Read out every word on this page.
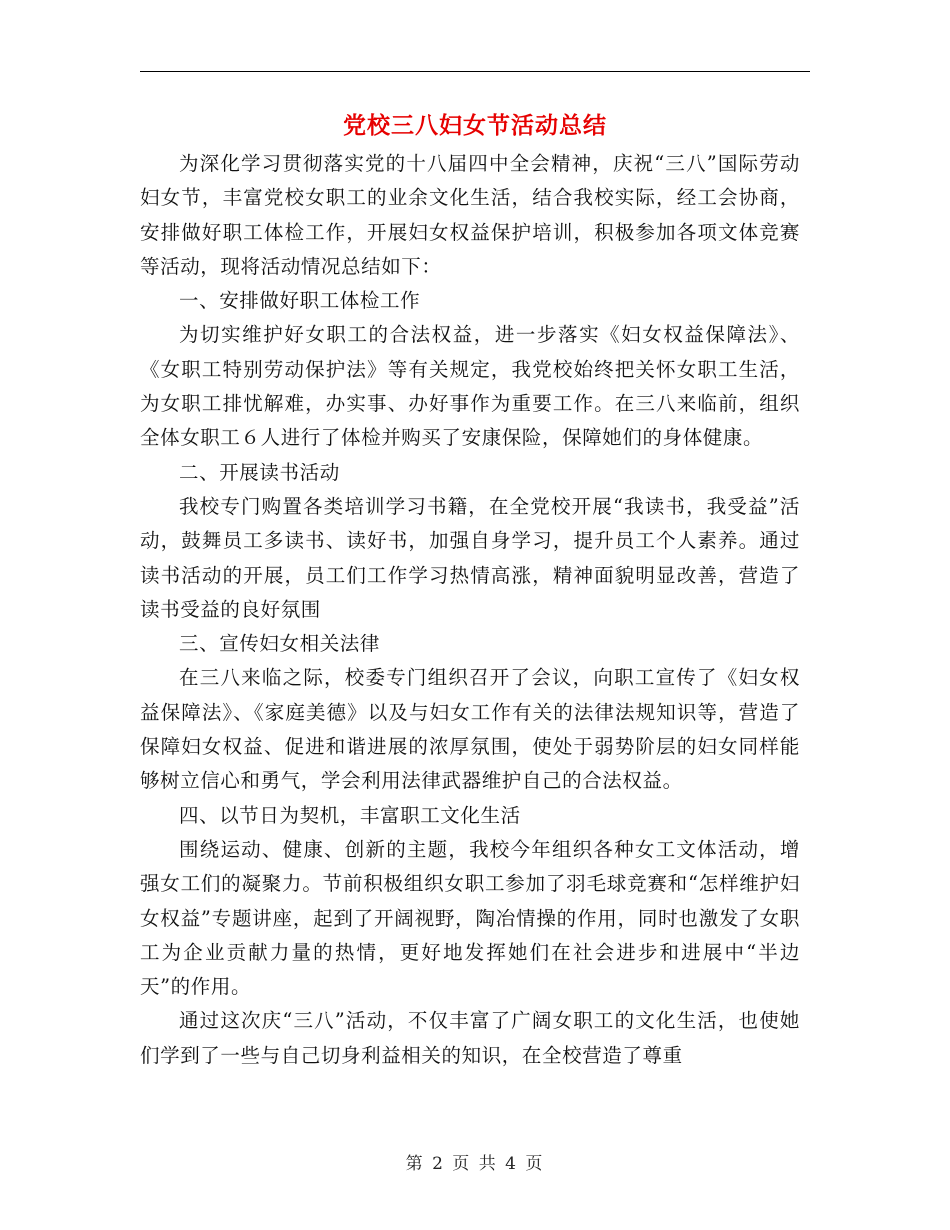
党校三八妇女节活动总结

为深化学习贯彻落实党的十八届四中全会精神，庆祝“三八”国际劳动妇女节，丰富党校女职工的业余文化生活，结合我校实际，经工会协商，安排做好职工体检工作，开展妇女权益保护培训，积极参加各项文体竞赛等活动，现将活动情况总结如下：

一、安排做好职工体检工作

为切实维护好女职工的合法权益，进一步落实《妇女权益保障法》、《女职工特别劳动保护法》等有关规定，我党校始终把关怀女职工生活，为女职工排忧解难，办实事、办好事作为重要工作。在三八来临前，组织全体女职工６人进行了体检并购买了安康保险，保障她们的身体健康。

二、开展读书活动

我校专门购置各类培训学习书籍，在全党校开展“我读书，我受益”活动，鼓舞员工多读书、读好书，加强自身学习，提升员工个人素养。通过读书活动的开展，员工们工作学习热情高涨，精神面貌明显改善，营造了读书受益的良好氛围

三、宣传妇女相关法律

在三八来临之际，校委专门组织召开了会议，向职工宣传了《妇女权益保障法》、《家庭美德》以及与妇女工作有关的法律法规知识等，营造了保障妇女权益、促进和谐进展的浓厚氛围，使处于弱势阶层的妇女同样能够树立信心和勇气，学会利用法律武器维护自己的合法权益。

四、以节日为契机，丰富职工文化生活

围绕运动、健康、创新的主题，我校今年组织各种女工文体活动，增强女工们的凝聚力。节前积极组织女职工参加了羽毛球竞赛和“怎样维护妇女权益”专题讲座，起到了开阔视野，陶冶情操的作用，同时也激发了女职工为企业贡献力量的热情，更好地发挥她们在社会进步和进展中“半边天”的作用。

通过这次庆“三八”活动，不仅丰富了广阔女职工的文化生活，也使她们学到了一些与自己切身利益相关的知识，在全校营造了尊重

第 2 页 共 4 页
